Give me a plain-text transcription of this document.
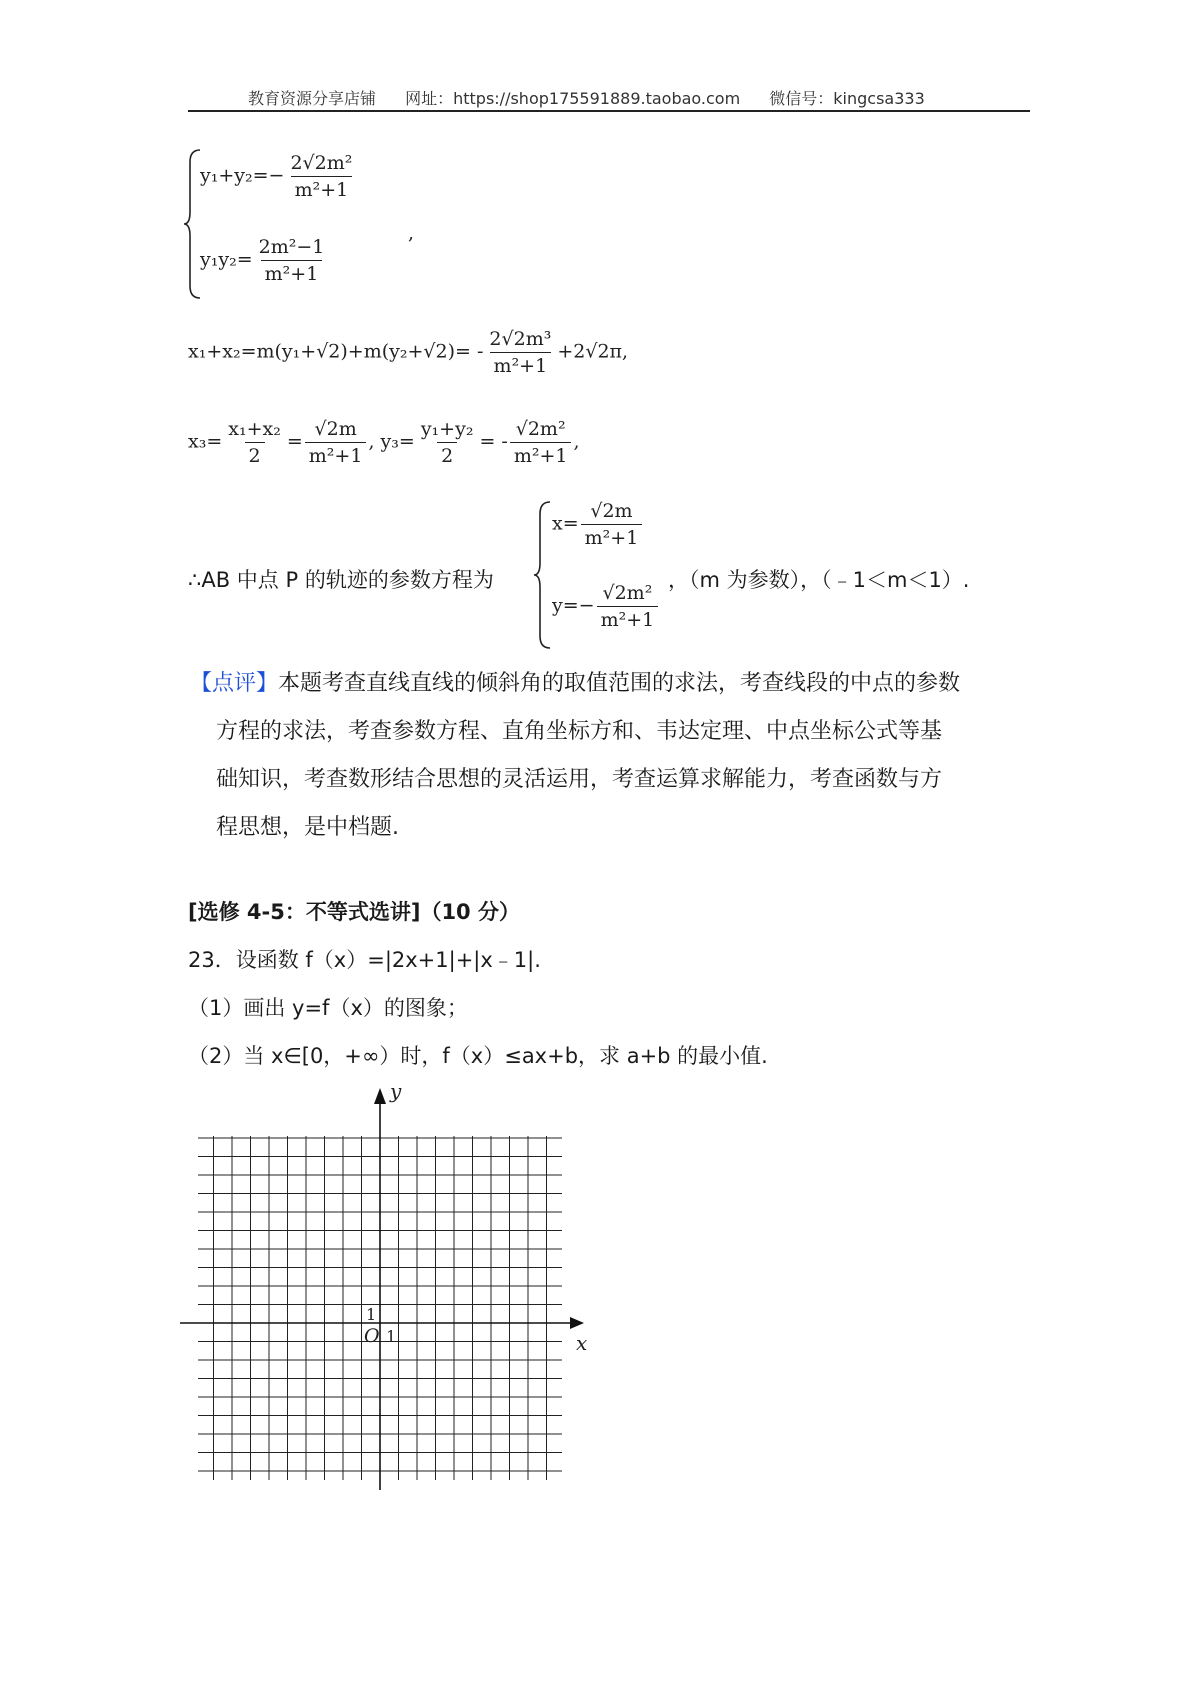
教育资源分享店铺 网址：https://shop175591889.taobao.com 微信号：kingcsa333
$y_1+y_2=- \frac{\text{2√2m²}}{\text{m²+1}}$
,
$y_1y_2= \frac{\text{2m²−1}}{\text{m²+1}}$
$x_1+x_2=m(y_1+√2)+m(y_2+√2)= - \frac{\text{2√2m³}}{\text{m²+1}} +2√2\pi$,
$x_3= \frac{\text{x₁+x₂}}{2} = \frac{√2m}{\text{m²+1}}$ , $y_3= \frac{\text{y₁+y₂}}{2}$ = - $\frac{\text{√2m²}}{\text{m²+1}}$ ,
∴AB 中点 P 的轨迹的参数方程为
$x= \frac{√2m}{\text{m²+1}}$
$y=- \frac{\text{√2m²}}{\text{m²+1}}$
，（m 为参数），（﹣1＜m＜1）.
【点评】本题考查直线直线的倾斜角的取值范围的求法，考查线段的中点的参数
方程的求法，考查参数方程、直角坐标方和、韦达定理、中点坐标公式等基
础知识，考查数形结合思想的灵活运用，考查运算求解能力，考查函数与方
程思想，是中档题.
[选修 4-5：不等式选讲]（10 分）
23．设函数 f（x）=|2x+1|+|x﹣1|.
（1）画出 y=f（x）的图象；
（2）当 x∈[0，+∞）时，f（x）≤ax+b，求 a+b 的最小值.
y
x
O 1
1
